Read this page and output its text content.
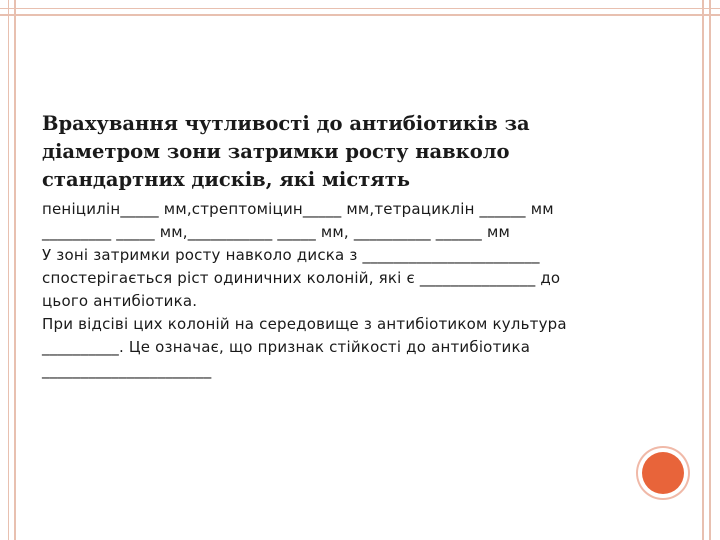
Врахування чутливості до антибіотиків за
діаметром зони затримки росту навколо
стандартних дисків, які містять
пеніцилін_____ мм,стрептоміцин_____ мм,тетрациклін ______ мм
_________ _____ мм,___________ _____ мм, __________ ______ мм
У зоні затримки росту навколо диска з _______________________
спостерігається ріст одиничних колоній, які є _______________ до
цього антибіотика.
При відсіві цих колоній на середовище з антибіотиком культура
__________. Це означає, що признак стійкості до антибіотика
______________________
